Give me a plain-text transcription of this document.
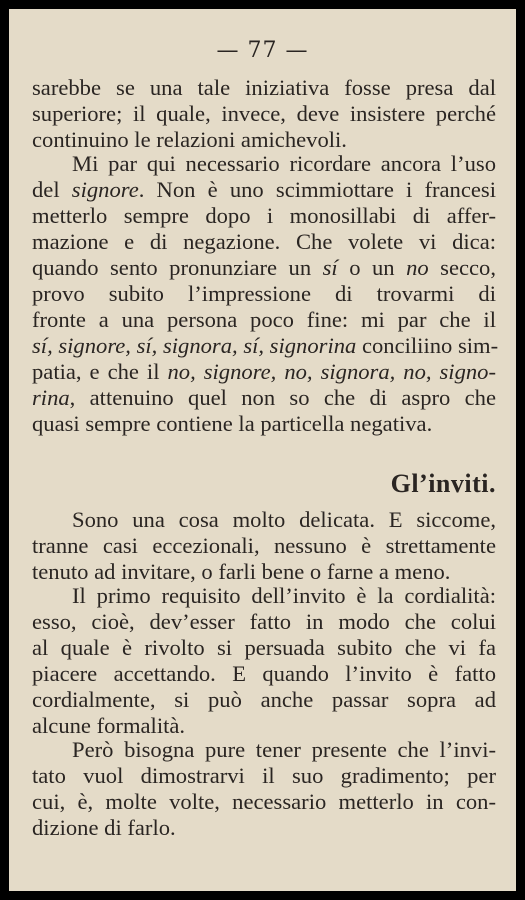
— 77 —
sarebbe se una tale iniziativa fosse presa dal
superiore; il quale, invece, deve insistere perché
continuino le relazioni amichevoli.
Mi par qui necessario ricordare ancora l’uso
del signore. Non è uno scimmiottare i francesi
metterlo sempre dopo i monosillabi di affer-
mazione e di negazione. Che volete vi dica:
quando sento pronunziare un sí o un no secco,
provo subito l’impressione di trovarmi di
fronte a una persona poco fine: mi par che il
sí, signore, sí, signora, sí, signorina conciliino sim-
patia, e che il no, signore, no, signora, no, signo-
rina, attenuino quel non so che di aspro che
quasi sempre contiene la particella negativa.
Gl’inviti.
Sono una cosa molto delicata. E siccome,
tranne casi eccezionali, nessuno è strettamente
tenuto ad invitare, o farli bene o farne a meno.
Il primo requisito dell’invito è la cordialità:
esso, cioè, dev’esser fatto in modo che colui
al quale è rivolto si persuada subito che vi fa
piacere accettando. E quando l’invito è fatto
cordialmente, si può anche passar sopra ad
alcune formalità.
Però bisogna pure tener presente che l’invi-
tato vuol dimostrarvi il suo gradimento; per
cui, è, molte volte, necessario metterlo in con-
dizione di farlo.
